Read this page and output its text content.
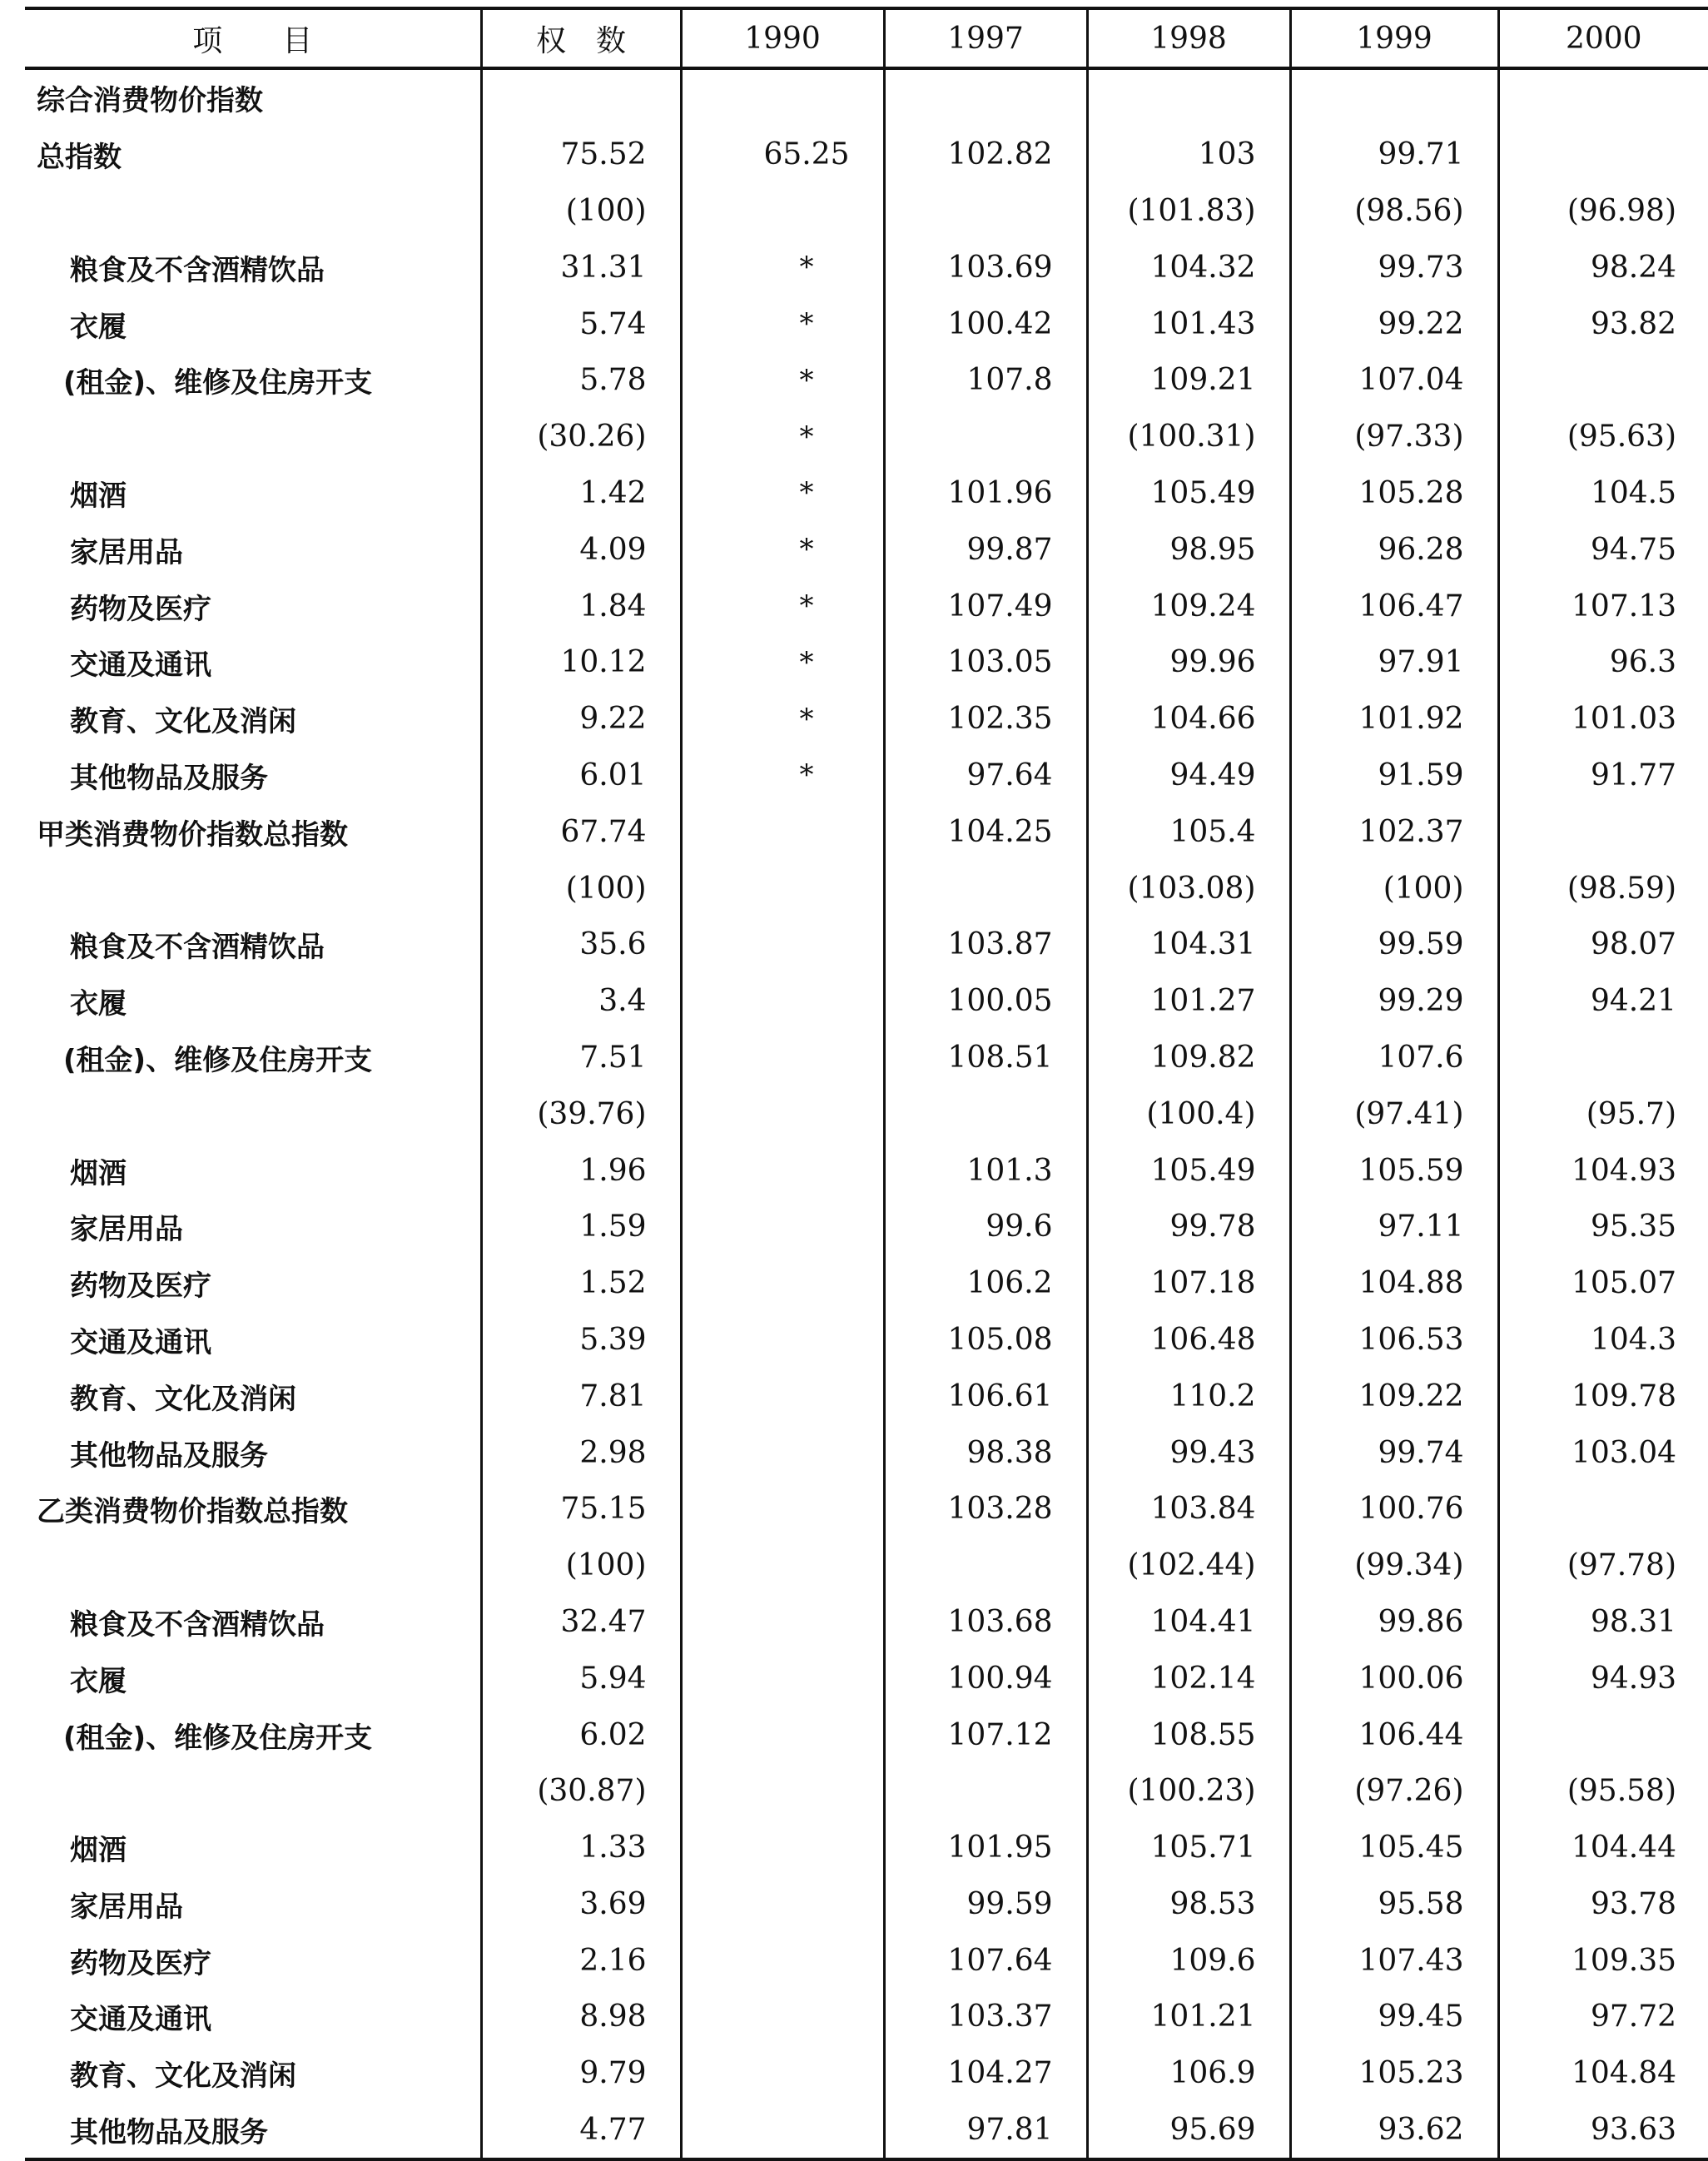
项　　目	权　数	1990	1997	1998	1999	2000
综合消费物价指数						
总指数	75.52	65.25	102.82	103	99.71	
	(100)			(101.83)	(98.56)	(96.98)
粮食及不含酒精饮品	31.31	*	103.69	104.32	99.73	98.24
衣履	5.74	*	100.42	101.43	99.22	93.82
(租金)、维修及住房开支	5.78	*	107.8	109.21	107.04	
	(30.26)	*		(100.31)	(97.33)	(95.63)
烟酒	1.42	*	101.96	105.49	105.28	104.5
家居用品	4.09	*	99.87	98.95	96.28	94.75
药物及医疗	1.84	*	107.49	109.24	106.47	107.13
交通及通讯	10.12	*	103.05	99.96	97.91	96.3
教育、文化及消闲	9.22	*	102.35	104.66	101.92	101.03
其他物品及服务	6.01	*	97.64	94.49	91.59	91.77
甲类消费物价指数总指数	67.74		104.25	105.4	102.37	
	(100)			(103.08)	(100)	(98.59)
粮食及不含酒精饮品	35.6		103.87	104.31	99.59	98.07
衣履	3.4		100.05	101.27	99.29	94.21
(租金)、维修及住房开支	7.51		108.51	109.82	107.6	
	(39.76)			(100.4)	(97.41)	(95.7)
烟酒	1.96		101.3	105.49	105.59	104.93
家居用品	1.59		99.6	99.78	97.11	95.35
药物及医疗	1.52		106.2	107.18	104.88	105.07
交通及通讯	5.39		105.08	106.48	106.53	104.3
教育、文化及消闲	7.81		106.61	110.2	109.22	109.78
其他物品及服务	2.98		98.38	99.43	99.74	103.04
乙类消费物价指数总指数	75.15		103.28	103.84	100.76	
	(100)			(102.44)	(99.34)	(97.78)
粮食及不含酒精饮品	32.47		103.68	104.41	99.86	98.31
衣履	5.94		100.94	102.14	100.06	94.93
(租金)、维修及住房开支	6.02		107.12	108.55	106.44	
	(30.87)			(100.23)	(97.26)	(95.58)
烟酒	1.33		101.95	105.71	105.45	104.44
家居用品	3.69		99.59	98.53	95.58	93.78
药物及医疗	2.16		107.64	109.6	107.43	109.35
交通及通讯	8.98		103.37	101.21	99.45	97.72
教育、文化及消闲	9.79		104.27	106.9	105.23	104.84
其他物品及服务	4.77		97.81	95.69	93.62	93.63
